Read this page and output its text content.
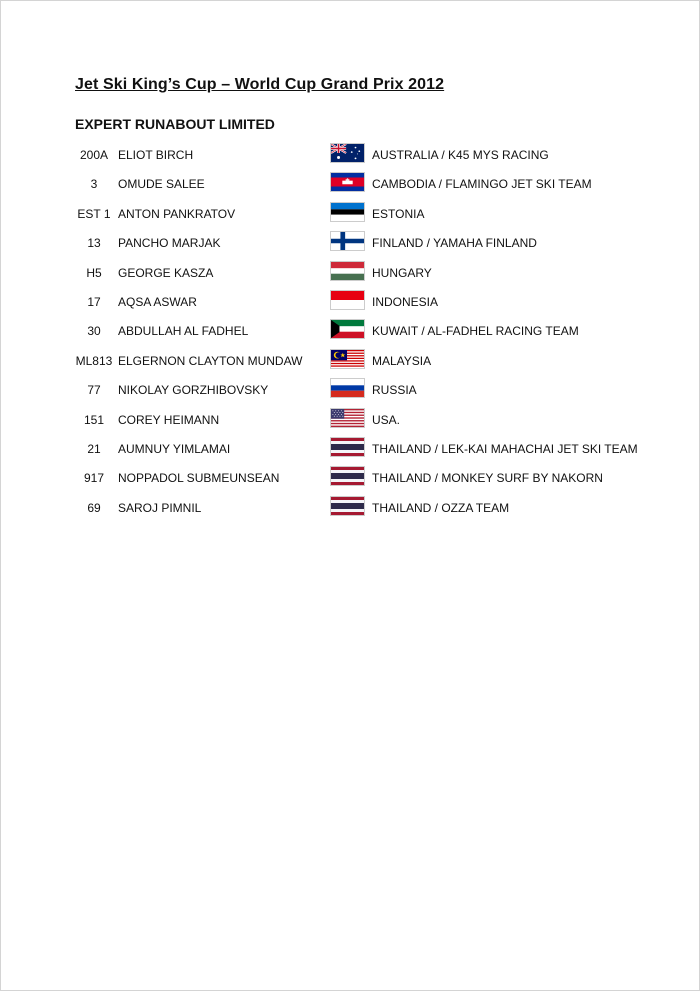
Jet Ski King’s Cup – World Cup Grand Prix 2012
EXPERT RUNABOUT LIMITED
200A ELIOT BIRCH	AUSTRALIA / K45 MYS RACING
3	OMUDE SALEE	CAMBODIA / FLAMINGO JET SKI TEAM
EST 1 ANTON PANKRATOV	ESTONIA
13	PANCHO MARJAK	FINLAND / YAMAHA FINLAND
H5	GEORGE KASZA	HUNGARY
17	AQSA ASWAR	INDONESIA
30	ABDULLAH AL FADHEL	KUWAIT / AL-FADHEL RACING TEAM
ML813 ELGERNON CLAYTON MUNDAW	MALAYSIA
77	NIKOLAY GORZHIBOVSKY	RUSSIA
151	COREY HEIMANN	USA.
21	AUMNUY YIMLAMAI	THAILAND / LEK-KAI MAHACHAI JET SKI TEAM
917	NOPPADOL SUBMEUNSEAN	THAILAND / MONKEY SURF BY NAKORN
69	SAROJ PIMNIL	THAILAND / OZZA TEAM
